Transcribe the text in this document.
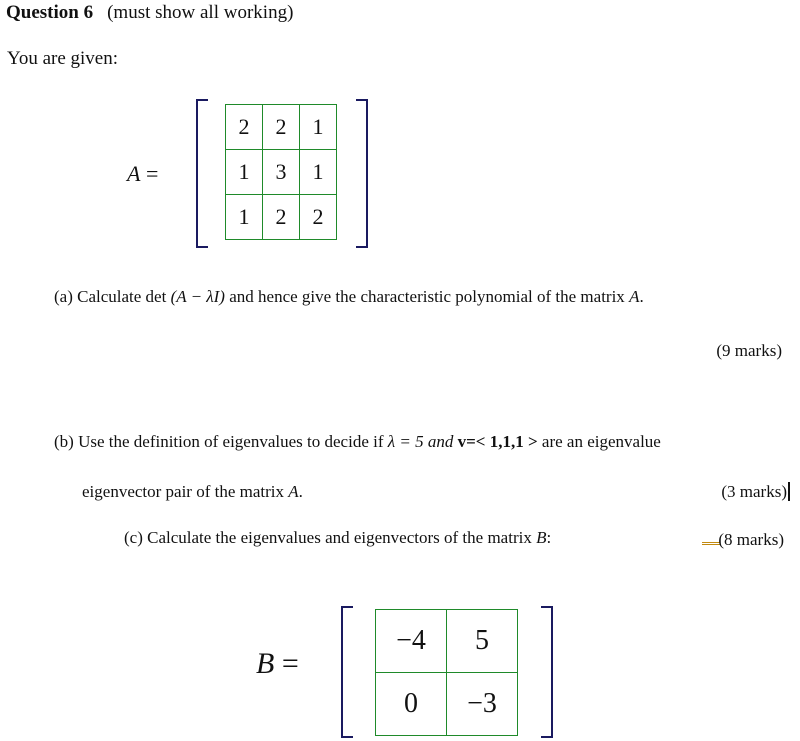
Question 6 (must show all working)
You are given:
A =
2	2	1
1	3	1
1	2	2
(a) Calculate det (A − λI) and hence give the characteristic polynomial of the matrix A.
(9 marks)
(b) Use the definition of eigenvalues to decide if λ = 5 and v=< 1,1,1 > are an eigenvalue
eigenvector pair of the matrix A.	(3 marks)
(c) Calculate the eigenvalues and eigenvectors of the matrix B:	(8 marks)
B =
−4	5
0	−3
